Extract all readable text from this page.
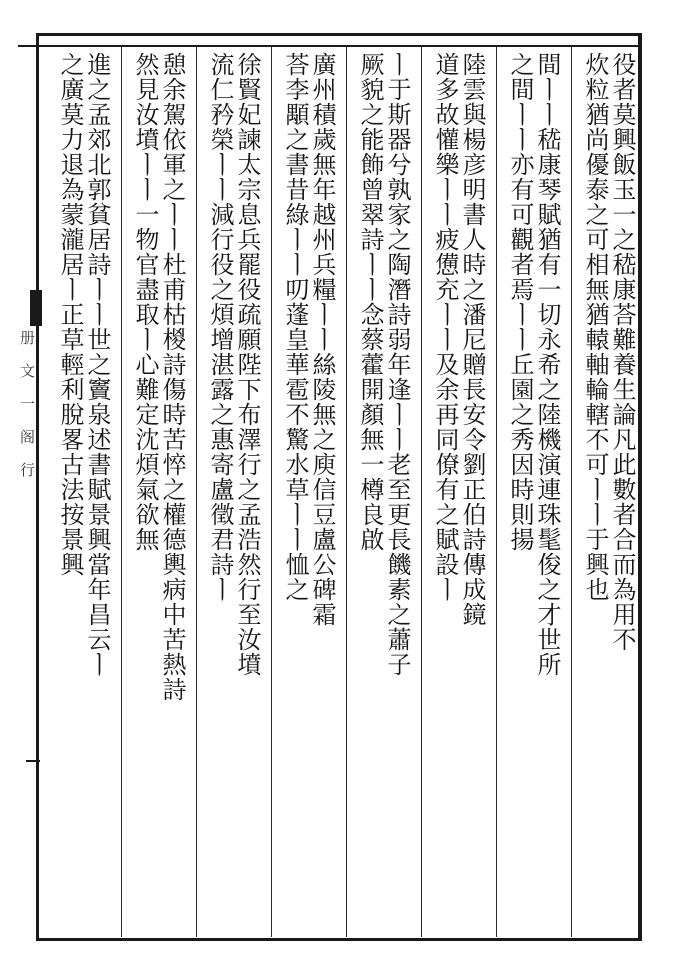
册 文 一 阁 行	役者莫興飯玉一之嵇康荅難養生論凡此數者合而為用不
炊粒猶尚優泰之可相無猶轅軸輪轄不可ㅣㅣ于興也
間ㅣㅣ嵇康琴賦猶有一切永希之陸機演連珠髦俊之才世所
之間ㅣㅣ亦有可觀者焉ㅣㅣ丘園之秀因時則揚
陸雲與楊彦明書人時之潘尼贈長安令劉正伯詩傳成鏡
道多故懽樂ㅣㅣ疲憊充ㅣㅣ及余再同僚有之賦設ㅣ
ㅣ于斯器兮孰家之陶潛詩弱年逢ㅣㅣ老至更長饑素之蕭子
厥貌之能飾曾翠詩ㅣㅣ念蔡藿開顏無一樽良啟
廣州積歲無年越州兵糧ㅣㅣ絲陵無之庾信豆盧公碑霜
荅李顒之書昔綠ㅣㅣ叨蓬皇華雹不驚水草ㅣㅣ恤之
徐賢妃諫太宗息兵罷役疏願陛下布澤行之孟浩然行至汝墳
流仁矜榮ㅣㅣ減行役之煩增湛露之惠寄盧徵君詩ㅣ
憩余駕依軍之ㅣㅣ杜甫枯椶詩傷時苦悴之權德輿病中苦熱詩
然見汝墳ㅣㅣ一物官盡取ㅣ心難定沈煩氣欲無
進之孟郊北郭貧居詩ㅣㅣ世之竇泉述書賦景興當年昌云ㅣ
之廣莫力退為蒙瀧居ㅣ正草輕利脫畧古法按景興
